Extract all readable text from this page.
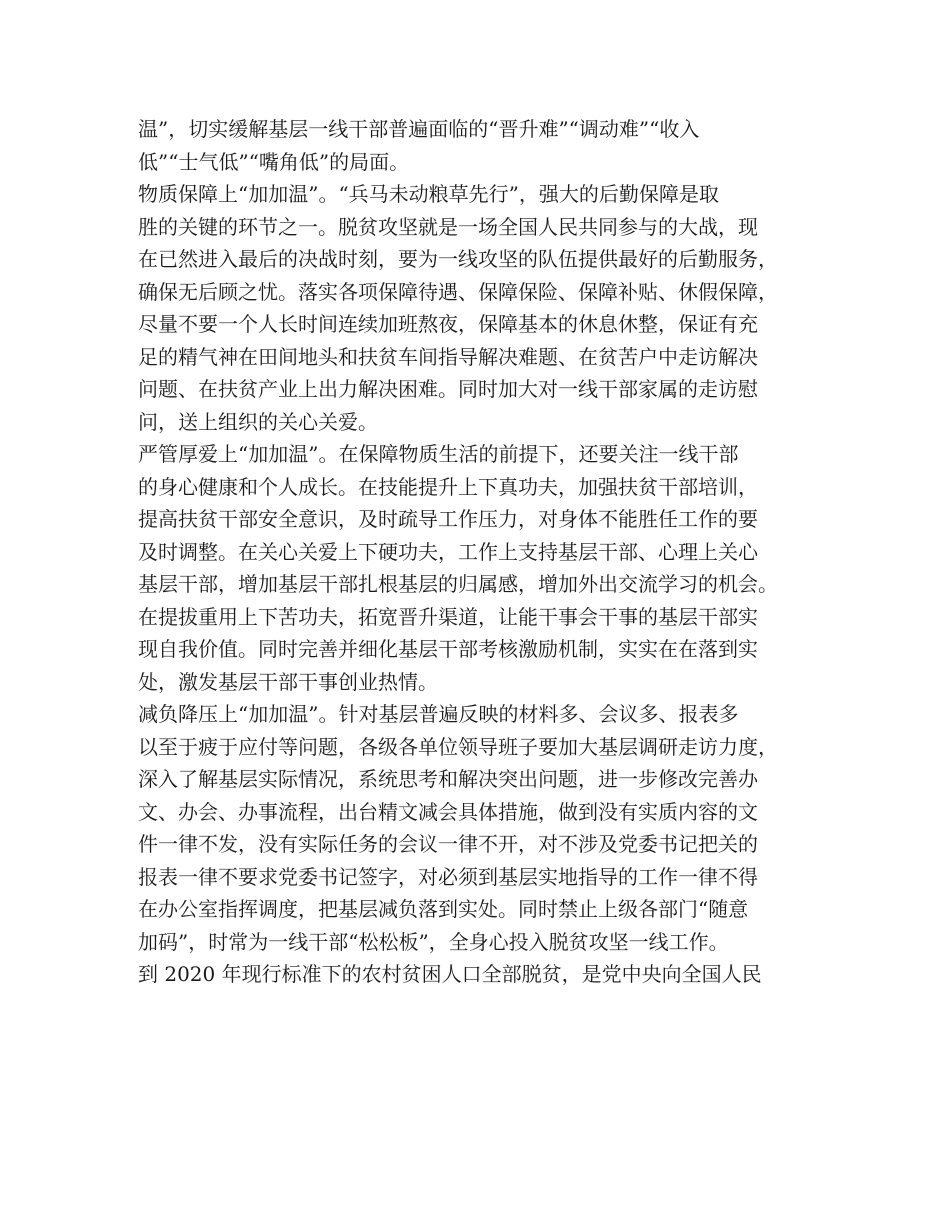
温”，切实缓解基层一线干部普遍面临的“晋升难”“调动难”“收入
低”“士气低”“嘴角低”的局面。
物质保障上“加加温”。“兵马未动粮草先行”，强大的后勤保障是取
胜的关键的环节之一。脱贫攻坚就是一场全国人民共同参与的大战，现
在已然进入最后的决战时刻，要为一线攻坚的队伍提供最好的后勤服务，
确保无后顾之忧。落实各项保障待遇、保障保险、保障补贴、休假保障，
尽量不要一个人长时间连续加班熬夜，保障基本的休息休整，保证有充
足的精气神在田间地头和扶贫车间指导解决难题、在贫苦户中走访解决
问题、在扶贫产业上出力解决困难。同时加大对一线干部家属的走访慰
问，送上组织的关心关爱。
严管厚爱上“加加温”。在保障物质生活的前提下，还要关注一线干部
的身心健康和个人成长。在技能提升上下真功夫，加强扶贫干部培训，
提高扶贫干部安全意识，及时疏导工作压力，对身体不能胜任工作的要
及时调整。在关心关爱上下硬功夫，工作上支持基层干部、心理上关心
基层干部，增加基层干部扎根基层的归属感，增加外出交流学习的机会。
在提拔重用上下苦功夫，拓宽晋升渠道，让能干事会干事的基层干部实
现自我价值。同时完善并细化基层干部考核激励机制，实实在在落到实
处，激发基层干部干事创业热情。
减负降压上“加加温”。针对基层普遍反映的材料多、会议多、报表多
以至于疲于应付等问题，各级各单位领导班子要加大基层调研走访力度，
深入了解基层实际情况，系统思考和解决突出问题，进一步修改完善办
文、办会、办事流程，出台精文减会具体措施，做到没有实质内容的文
件一律不发，没有实际任务的会议一律不开，对不涉及党委书记把关的
报表一律不要求党委书记签字，对必须到基层实地指导的工作一律不得
在办公室指挥调度，把基层减负落到实处。同时禁止上级各部门“随意
加码”，时常为一线干部“松松板”，全身心投入脱贫攻坚一线工作。
到 2020 年现行标准下的农村贫困人口全部脱贫，是党中央向全国人民
